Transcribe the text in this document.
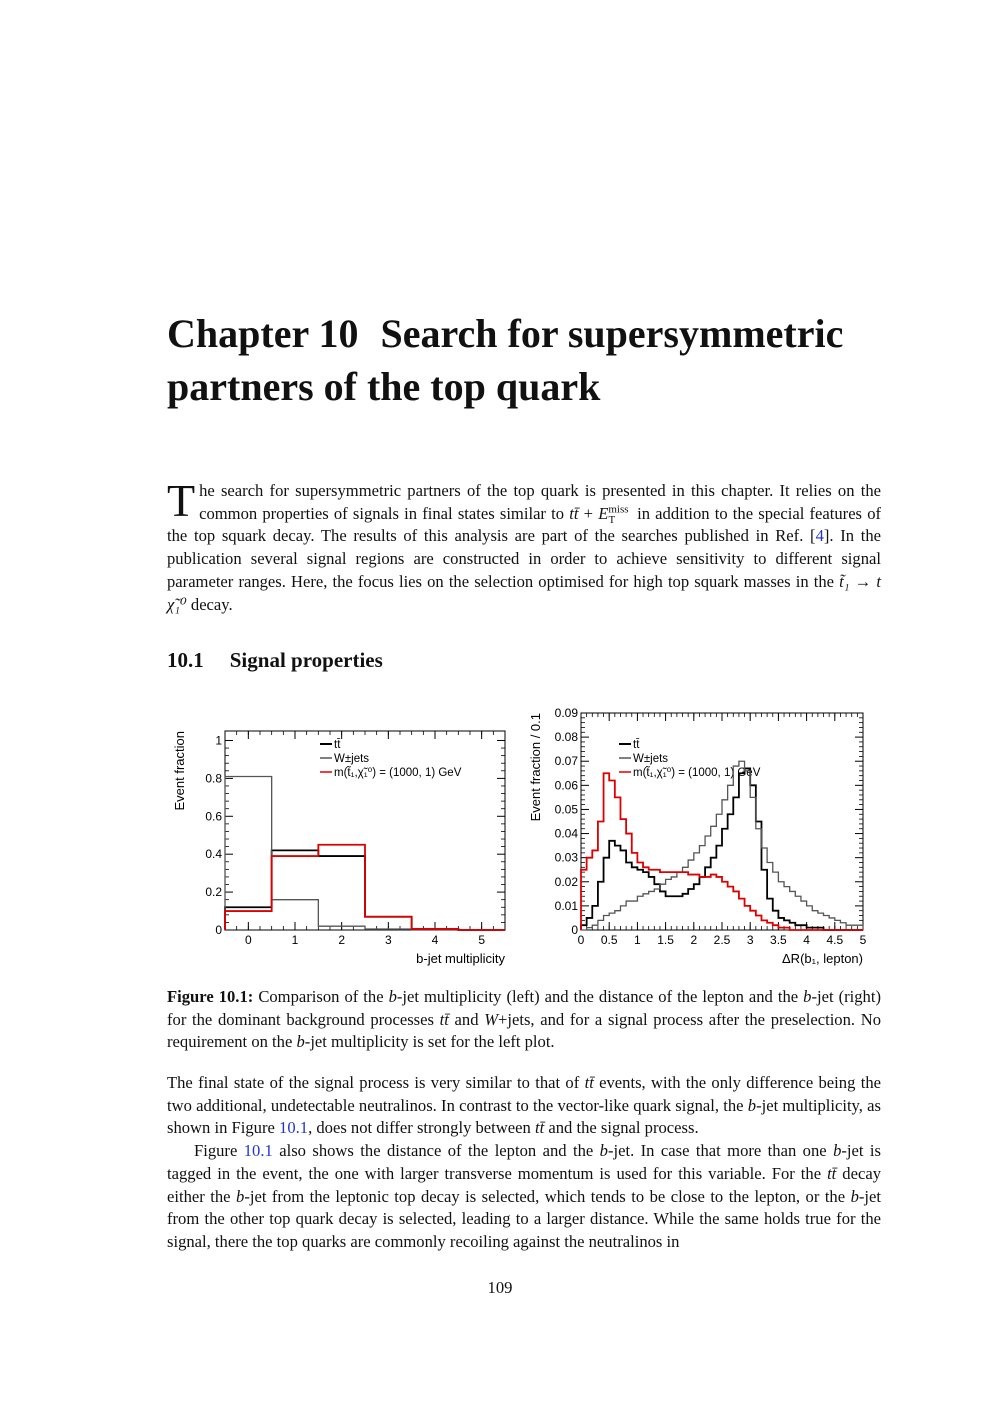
Chapter 10 Search for supersymmetric partners of the top quark

The search for supersymmetric partners of the top quark is presented in this chapter. It relies on the common properties of signals in final states similar to tt̄ + $E^{miss}_T$             in addition to the special features of the top squark decay. The results of this analysis are part of the searches published in Ref. [4]. In the publication several signal regions are constructed in order to achieve sensitivity to different signal parameter ranges. Here, the focus lies on the selection optimised for high top squark masses in the t̃₁ → t χ̃₁⁰ decay.

10.1 Signal properties
0
0.2
0.4
0.6
0.8
1
0	1	2	3	4	5
b-jet multiplicity
Event fraction	tt̄
W±jets
m(t̃₁,χ̃₁⁰) = (1000, 1) GeV
0
0.01
0.02
0.03
0.04
0.05
0.06
0.07
0.08
0.09
0 0.5 1 1.5 2 2.5 3 3.5 4 4.5 5
ΔR(b₁, lepton)
Event fraction / 0.1	tt̄
W±jets
m(t̃₁,χ̃₁⁰) = (1000, 1) GeV

Figure 10.1: Comparison of the b-jet multiplicity (left) and the distance of the lepton and the b-jet (right) for the dominant background processes tt̄ and W+jets, and for a signal process after the preselection. No requirement on the b-jet multiplicity is set for the left plot.

The final state of the signal process is very similar to that of tt̄ events, with the only difference being the two additional, undetectable neutralinos. In contrast to the vector-like quark signal, the b-jet multiplicity, as shown in Figure 10.1, does not differ strongly between tt̄ and the signal process.
Figure 10.1 also shows the distance of the lepton and the b-jet. In case that more than one b-jet is tagged in the event, the one with larger transverse momentum is used for this variable. For the tt̄ decay either the b-jet from the leptonic top decay is selected, which tends to be close to the lepton, or the b-jet from the other top quark decay is selected, leading to a larger distance. While the same holds true for the signal, there the top quarks are commonly recoiling against the neutralinos in

109
